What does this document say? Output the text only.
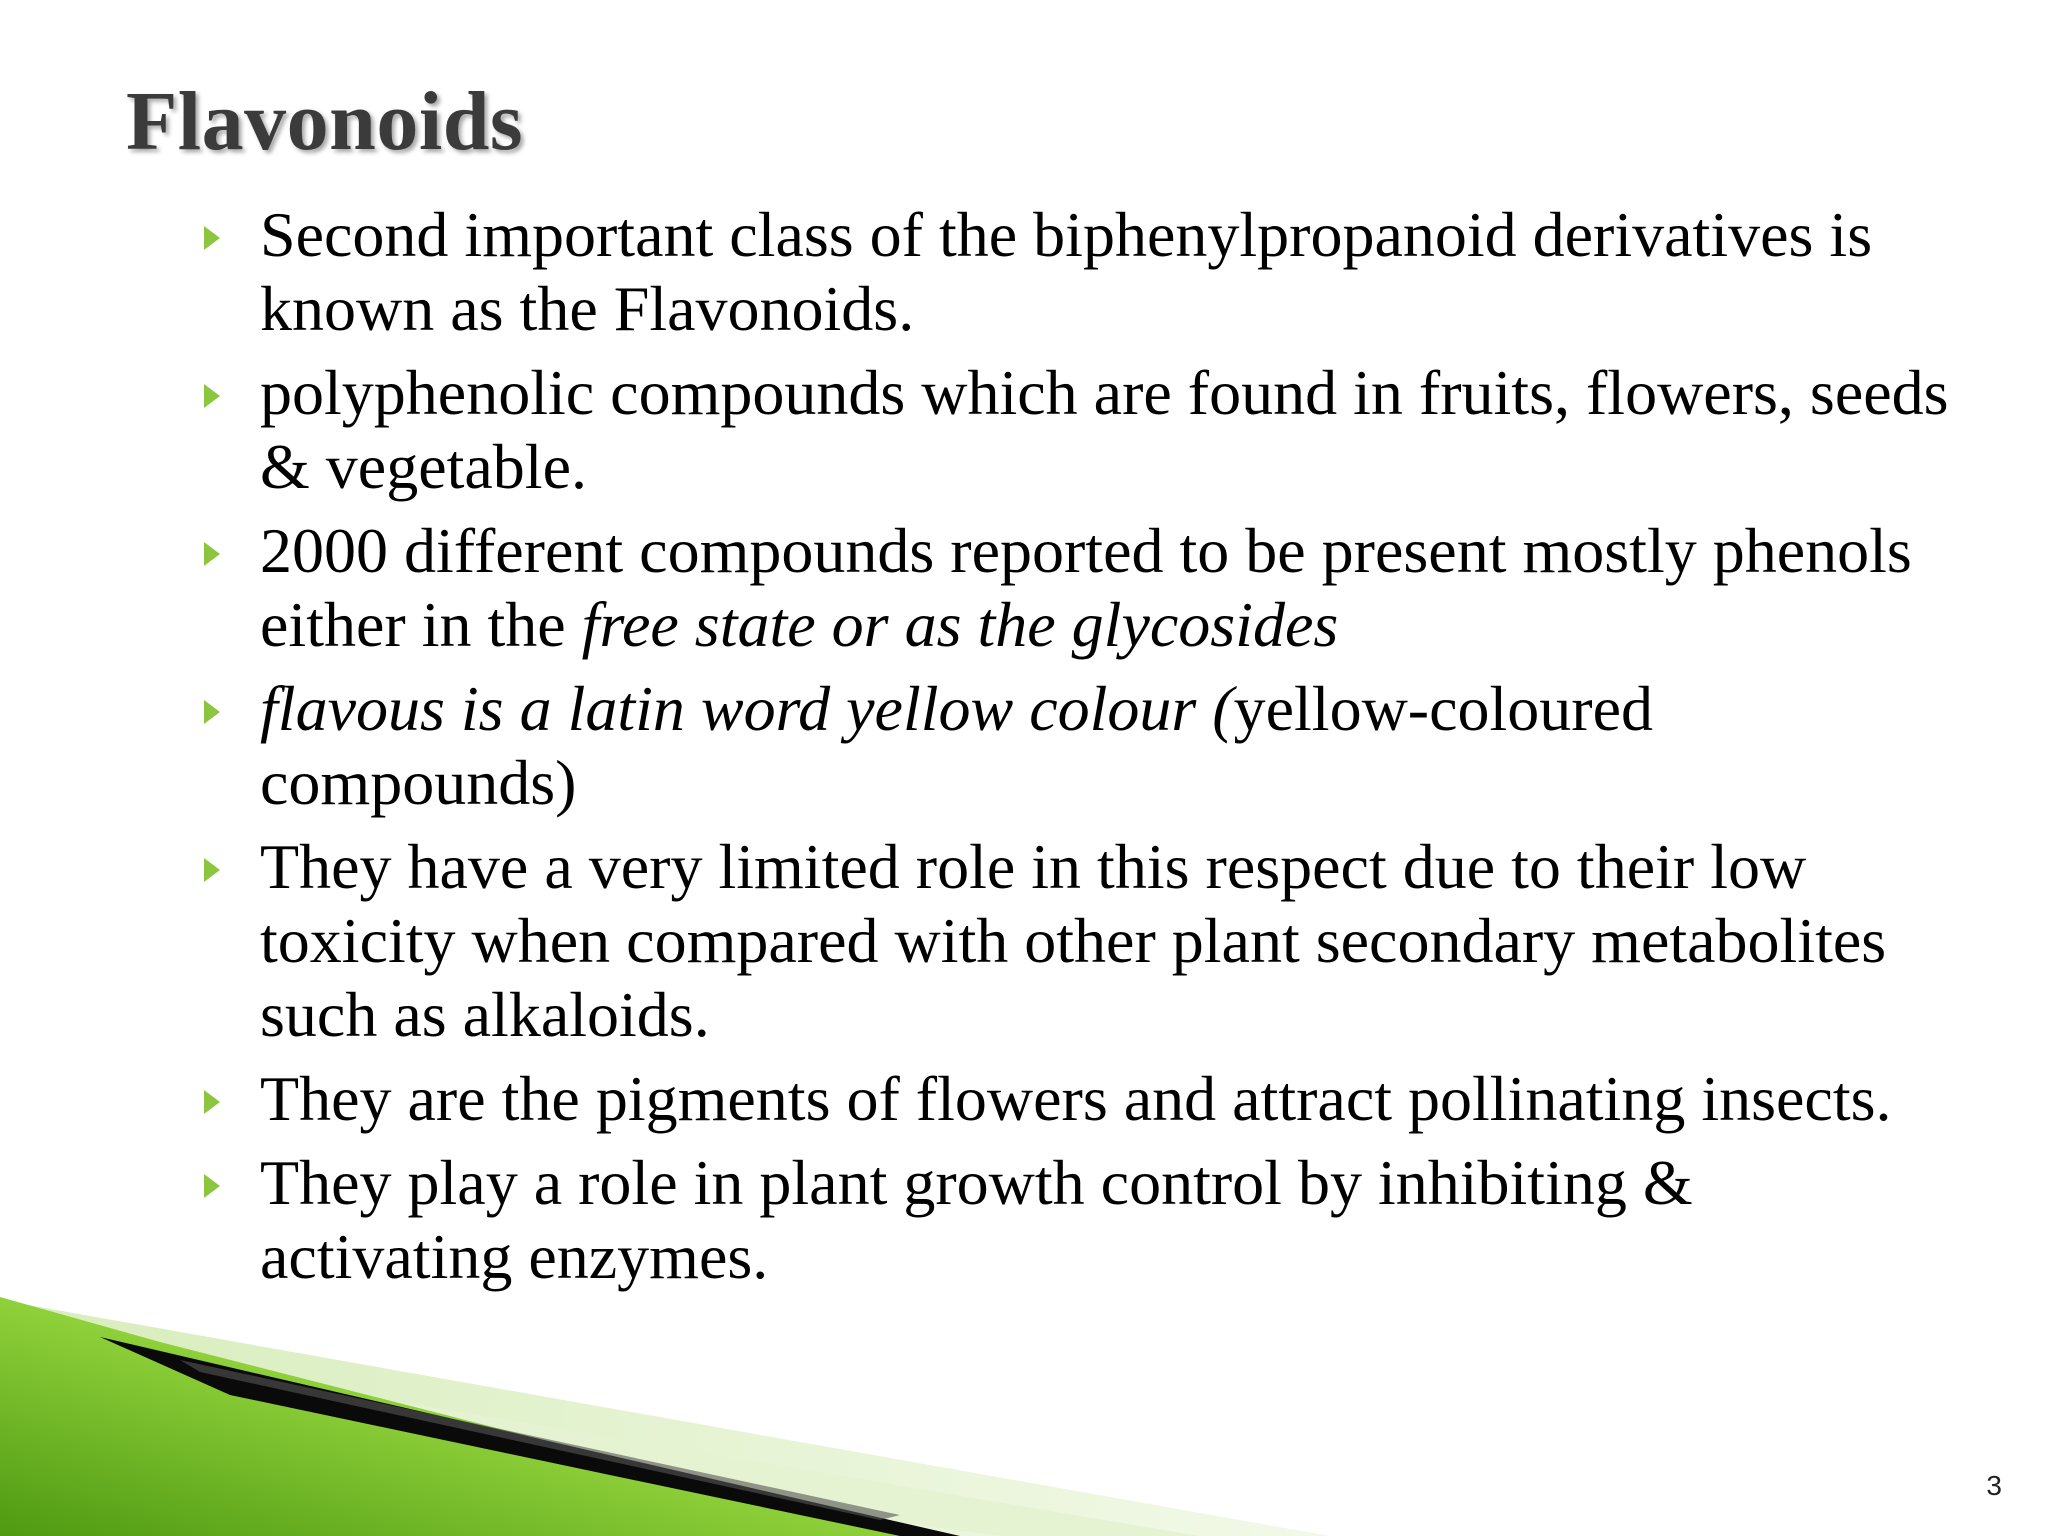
Flavonoids
Second important class of the biphenylpropanoid derivatives is known as the Flavonoids.
polyphenolic compounds which are found in fruits, flowers, seeds & vegetable.
2000 different compounds reported to be present mostly phenols either in the free state or as the glycosides
flavous is a latin word yellow colour (yellow-coloured compounds)
They have a very limited role in this respect due to their low toxicity when compared with other plant secondary metabolites such as alkaloids.
They are the pigments of flowers and attract pollinating insects.
They play a role in plant growth control by inhibiting & activating enzymes.
3
